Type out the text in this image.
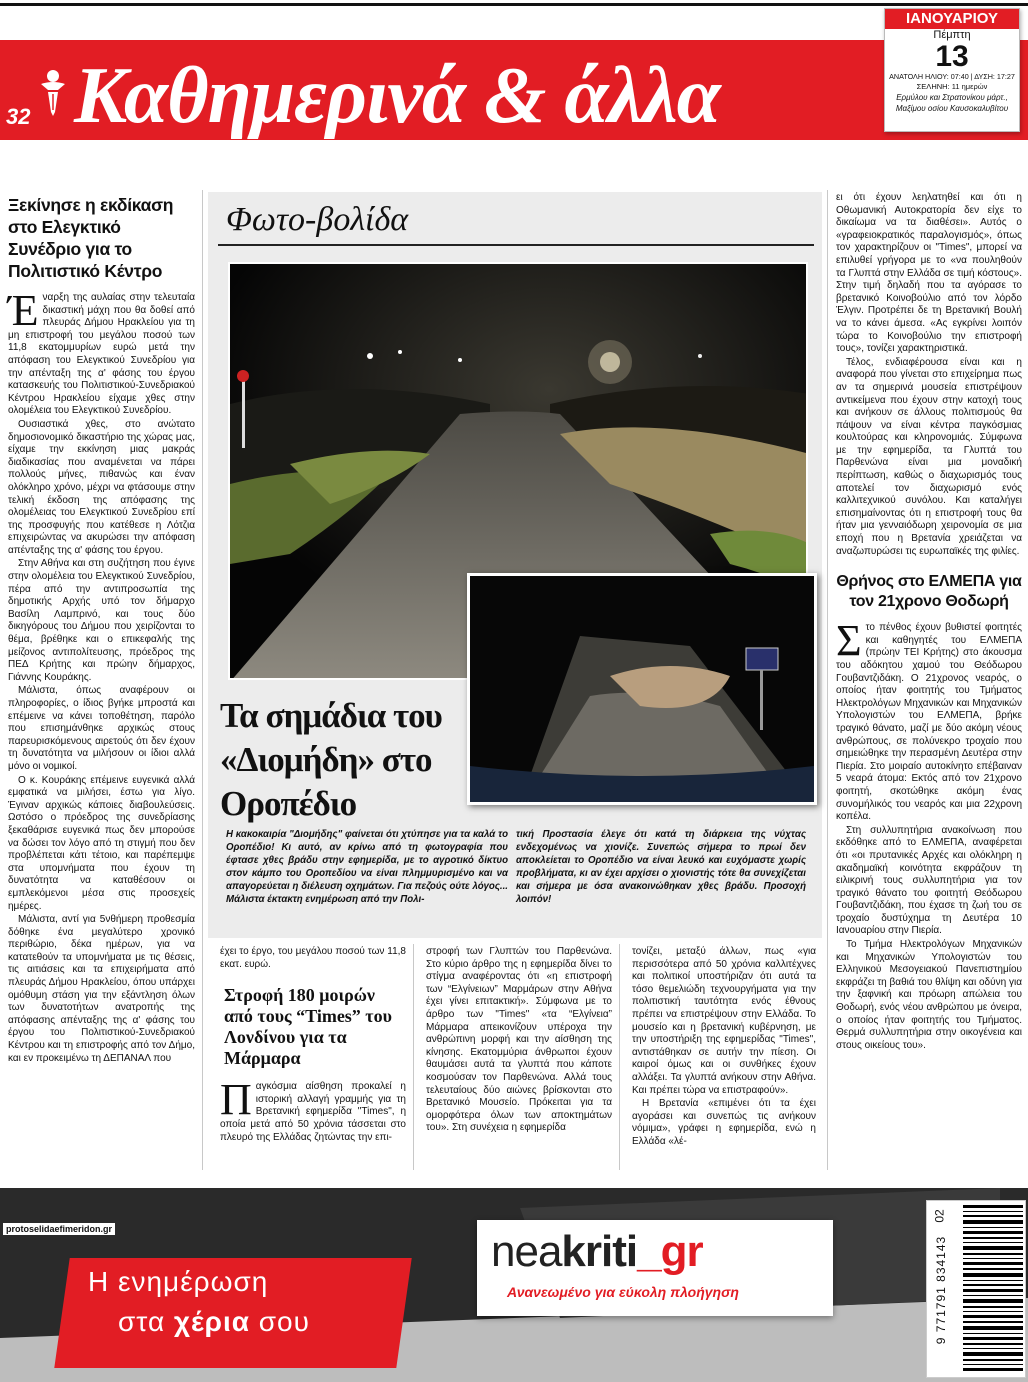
32 Καθημερινά & άλλα
ΙΑΝΟΥΑΡΙΟΥ
Πέμπτη
13
ΑΝΑΤΟΛΗ ΗΛΙΟΥ: 07:40 | ΔΥΣΗ: 17:27
ΣΕΛΗΝΗ: 11 ημερών
Ερμύλου και Στρατονίκου μάρτ.,
Μαξίμου οσίου Καυσοκαλυβίτου
Ξεκίνησε η εκδίκαση στο Ελεγκτικό Συνέδριο για το Πολιτιστικό Κέντρο

Έναρξη της αυλαίας στην τελευταία δικαστική μάχη που θα δοθεί από πλευράς Δήμου Ηρακλείου για τη μη επιστροφή του μεγάλου ποσού των 11,8 εκατομμυρίων ευρώ μετά την απόφαση του Ελεγκτικού Συνεδρίου για την απένταξη της α' φάσης του έργου κατασκευής του Πολιτιστικού-Συνεδριακού Κέντρου Ηρακλείου είχαμε χθες στην ολομέλεια του Ελεγκτικού Συνεδρίου.

Ουσιαστικά χθες, στο ανώτατο δημοσιονομικό δικαστήριο της χώρας μας, είχαμε την εκκίνηση μιας μακράς διαδικασίας που αναμένεται να πάρει πολλούς μήνες, πιθανώς και έναν ολόκληρο χρόνο, μέχρι να φτάσουμε στην τελική έκδοση της απόφασης της ολομέλειας του Ελεγκτικού Συνεδρίου επί της προσφυγής που κατέθεσε η Λότζια επιχειρώντας να ακυρώσει την απόφαση απένταξης της α' φάσης του έργου.

Στην Αθήνα και στη συζήτηση που έγινε στην ολομέλεια του Ελεγκτικού Συνεδρίου, πέρα από την αντιπροσωπία της δημοτικής Αρχής υπό τον δήμαρχο Βασίλη Λαμπρινό, και τους δύο δικηγόρους του Δήμου που χειρίζονται το θέμα, βρέθηκε και ο επικεφαλής της μείζονος αντιπολίτευσης, πρόεδρος της ΠΕΔ Κρήτης και πρώην δήμαρχος, Γιάννης Κουράκης.

Μάλιστα, όπως αναφέρουν οι πληροφορίες, ο ίδιος βγήκε μπροστά και επέμεινε να κάνει τοποθέτηση, παρόλο που επισημάνθηκε αρχικώς στους παρευρισκόμενους αιρετούς ότι δεν έχουν τη δυνατότητα να μιλήσουν οι ίδιοι αλλά μόνο οι νομικοί.

Ο κ. Κουράκης επέμεινε ευγενικά αλλά εμφατικά να μιλήσει, έστω για λίγο. Έγιναν αρχικώς κάποιες διαβουλεύσεις. Ωστόσο ο πρόεδρος της συνεδρίασης ξεκαθάρισε ευγενικά πως δεν μπορούσε να δώσει τον λόγο από τη στιγμή που δεν προβλέπεται κάτι τέτοιο, και παρέπεμψε στα υπομνήματα που έχουν τη δυνατότητα να καταθέσουν οι εμπλεκόμενοι μέσα στις προσεχείς ημέρες.

Μάλιστα, αντί για 5νθήμερη προθεσμία δόθηκε ένα μεγαλύτερο χρονικό περιθώριο, δέκα ημέρων, για να κατατεθούν τα υπομνήματα με τις θέσεις, τις αιτιάσεις και τα επιχειρήματα από πλευράς Δήμου Ηρακλείου, όπου υπάρχει ομόθυμη στάση για την εξάντληση όλων των δυνατοτήτων ανατροπής της απόφασης απένταξης της α' φάσης του έργου του Πολιτιστικού-Συνεδριακού Κέντρου και τη επιστροφής από τον Δήμο, και εν προκειμένω τη ΔΕΠΑΝΑΛ που

Φωτο-βολίδα
Τα σημάδια του «Διομήδη» στο Οροπέδιο
Η κακοκαιρία "Διομήδης" φαίνεται ότι χτύπησε για τα καλά το Οροπέδιο! Κι αυτό, αν κρίνω από τη φωτογραφία που έφτασε χθες βράδυ στην εφημερίδα, με το αγροτικό δίκτυο στον κάμπο του Οροπεδίου να είναι πλημμυρισμένο και να απαγορεύεται η διέλευση οχημάτων. Για πεζούς ούτε λόγος... Μάλιστα έκτακτη ενημέρωση από την Πολι-
τική Προστασία έλεγε ότι κατά τη διάρκεια της νύχτας ενδεχομένως να χιονίζε. Συνεπώς σήμερα το πρωί δεν αποκλείεται το Οροπέδιο να είναι λευκό και ευχόμαστε χωρίς προβλήματα, κι αν έχει αρχίσει ο χιονιστής τότε θα συνεχίζεται και σήμερα με όσα ανακοινώθηκαν χθες βράδυ. Προσοχή λοιπόν!

έχει το έργο, του μεγάλου ποσού των 11,8 εκατ. ευρώ.

Στροφή 180 μοιρών από τους “Times” του Λονδίνου για τα Μάρμαρα

Παγκόσμια αίσθηση προκαλεί η ιστορική αλλαγή γραμμής για τη Βρετανική εφημερίδα "Times", η οποία μετά από 50 χρόνια τάσσεται στο πλευρό της Ελλάδας ζητώντας την επι-

στροφή των Γλυπτών του Παρθενώνα. Στο κύριο άρθρο της η εφημερίδα δίνει το στίγμα αναφέροντας ότι «η επιστροφή των “Ελγίνειων” Μαρμάρων στην Αθήνα έχει γίνει επιτακτική». Σύμφωνα με το άρθρο των "Times" «τα “Ελγίνεια” Μάρμαρα απεικονίζουν υπέροχα την ανθρώπινη μορφή και την αίσθηση της κίνησης. Εκατομμύρια άνθρωποι έχουν θαυμάσει αυτά τα γλυπτά που κάποτε κοσμούσαν τον Παρθενώνα. Αλλά τους τελευταίους δύο αιώνες βρίσκονται στο Βρετανικό Μουσείο. Πρόκειται για τα ομορφότερα όλων των αποκτημάτων του». Στη συνέχεια η εφημερίδα

τονίζει, μεταξύ άλλων, πως «για περισσότερα από 50 χρόνια καλλιτέχνες και πολιτικοί υποστήριζαν ότι αυτά τα τόσο θεμελιώδη τεχνουργήματα για την πολιτιστική ταυτότητα ενός έθνους πρέπει να επιστρέψουν στην Ελλάδα. Το μουσείο και η βρετανική κυβέρνηση, με την υποστήριξη της εφημερίδας "Times", αντιστάθηκαν σε αυτήν την πίεση. Οι καιροί όμως και οι συνθήκες έχουν αλλάξει. Τα γλυπτά ανήκουν στην Αθήνα. Και πρέπει τώρα να επιστραφούν».

Η Βρετανία «επιμένει ότι τα έχει αγοράσει και συνεπώς τις ανήκουν νόμιμα», γράφει η εφημερίδα, ενώ η Ελλάδα «λέ-

ει ότι έχουν λεηλατηθεί και ότι η Οθωμανική Αυτοκρατορία δεν είχε το δικαίωμα να τα διαθέσει». Αυτός ο «γραφειοκρατικός παραλογισμός», όπως τον χαρακτηρίζουν οι "Times", μπορεί να επιλυθεί γρήγορα με το «να πουληθούν τα Γλυπτά στην Ελλάδα σε τιμή κόστους». Στην τιμή δηλαδή που τα αγόρασε το βρετανικό Κοινοβούλιο από τον λόρδο Έλγιν. Προτρέπει δε τη Βρετανική Βουλή να το κάνει άμεσα. «Ας εγκρίνει λοιπόν τώρα το Κοινοβούλιο την επιστροφή τους», τονίζει χαρακτηριστικά.

Τέλος, ενδιαφέρουσα είναι και η αναφορά που γίνεται στο επιχείρημα πως αν τα σημερινά μουσεία επιστρέψουν αντικείμενα που έχουν στην κατοχή τους και ανήκουν σε άλλους πολιτισμούς θα πάψουν να είναι κέντρα παγκόσμιας κουλτούρας και κληρονομιάς. Σύμφωνα με την εφημερίδα, τα Γλυπτά του Παρθενώνα είναι μια μοναδική περίπτωση, καθώς ο διαχωρισμός τους αποτελεί τον διαχωρισμό ενός καλλιτεχνικού συνόλου. Και καταλήγει επισημαίνοντας ότι η επιστροφή τους θα ήταν μια γενναιόδωρη χειρονομία σε μια εποχή που η Βρετανία χρειάζεται να αναζωπυρώσει τις ευρωπαϊκές της φιλίες.

Θρήνος στο ΕΛΜΕΠΑ για τον 21χρονο Θοδωρή

Στο πένθος έχουν βυθιστεί φοιτητές και καθηγητές του ΕΛΜΕΠΑ (πρώην ΤΕΙ Κρήτης) στο άκουσμα του αδόκητου χαμού του Θεόδωρου Γουβαντζιδάκη. Ο 21χρονος νεαρός, ο οποίος ήταν φοιτητής του Τμήματος Ηλεκτρολόγων Μηχανικών και Μηχανικών Υπολογιστών του ΕΛΜΕΠΑ, βρήκε τραγικό θάνατο, μαζί με δύο ακόμη νέους ανθρώπους, σε πολύνεκρο τροχαίο που σημειώθηκε την περασμένη Δευτέρα στην Πιερία. Στο μοιραίο αυτοκίνητο επέβαιναν 5 νεαρά άτομα: Εκτός από τον 21χρονο φοιτητή, σκοτώθηκε ακόμη ένας συνομήλικός του νεαρός και μια 22χρονη κοπέλα.

Στη συλλυπητήρια ανακοίνωση που εκδόθηκε από το ΕΛΜΕΠΑ, αναφέρεται ότι «οι πρυτανικές Αρχές και ολόκληρη η ακαδημαϊκή κοινότητα εκφράζουν τη ειλικρινή τους συλλυπητήρια για τον τραγικό θάνατο του φοιτητή Θεόδωρου Γουβαντζιδάκη, που έχασε τη ζωή του σε τροχαίο δυστύχημα τη Δευτέρα 10 Ιανουαρίου στην Πιερία.

Το Τμήμα Ηλεκτρολόγων Μηχανικών και Μηχανικών Υπολογιστών του Ελληνικού Μεσογειακού Πανεπιστημίου εκφράζει τη βαθιά του θλίψη και οδύνη για την ξαφνική και πρόωρη απώλεια του Θοδωρή, ενός νέου ανθρώπου με όνειρα, ο οποίος ήταν φοιτητής του Τμήματος. Θερμά συλλυπητήρια στην οικογένεια και στους οικείους του».

protoselidaefimeridon.gr
Η ενημέρωση
στα χέρια σου
neakriti_gr
Ανανεωμένο για εύκολη πλοήγηση	9 771791 834143
02
